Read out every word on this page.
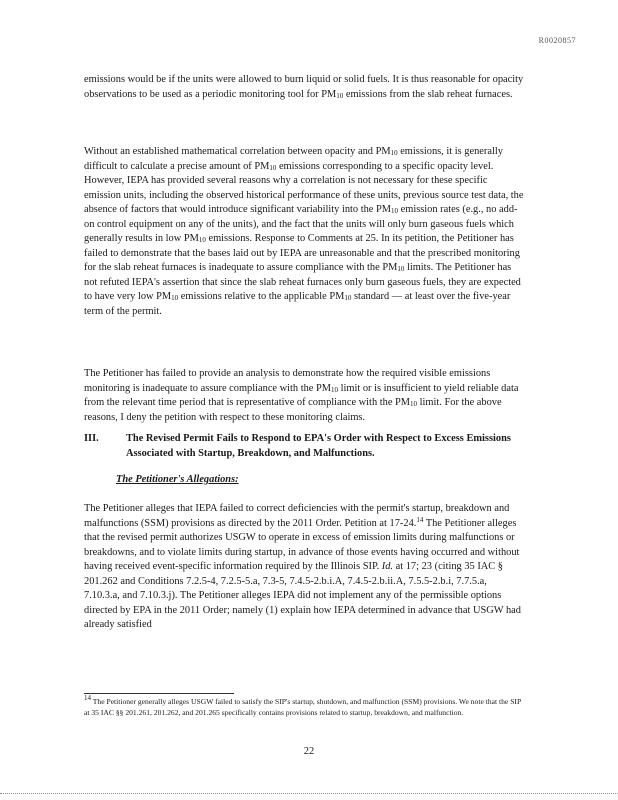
R0020857

emissions would be if the units were allowed to burn liquid or solid fuels. It is thus reasonable for opacity observations to be used as a periodic monitoring tool for $PM_{10}$ emissions from the slab reheat furnaces.

Without an established mathematical correlation between opacity and $PM_{10}$ emissions, it is generally difficult to calculate a precise amount of $PM_{10}$ emissions corresponding to a specific opacity level. However, IEPA has provided several reasons why a correlation is not necessary for these specific emission units, including the observed historical performance of these units, previous source test data, the absence of factors that would introduce significant variability into the $PM_{10}$ emission rates (e.g., no add-on control equipment on any of the units), and the fact that the units will only burn gaseous fuels which generally results in low $PM_{10}$ emissions. Response to Comments at 25. In its petition, the Petitioner has failed to demonstrate that the bases laid out by IEPA are unreasonable and that the prescribed monitoring for the slab reheat furnaces is inadequate to assure compliance with the $PM_{10}$ limits. The Petitioner has not refuted IEPA's assertion that since the slab reheat furnaces only burn gaseous fuels, they are expected to have very low $PM_{10}$ emissions relative to the applicable $PM_{10}$ standard — at least over the five-year term of the permit.

The Petitioner has failed to provide an analysis to demonstrate how the required visible emissions monitoring is inadequate to assure compliance with the $PM_{10}$ limit or is insufficient to yield reliable data from the relevant time period that is representative of compliance with the $PM_{10}$ limit. For the above reasons, I deny the petition with respect to these monitoring claims.

III.	The Revised Permit Fails to Respond to EPA's Order with Respect to Excess Emissions Associated with Startup, Breakdown, and Malfunctions.
The Petitioner's Allegations:

The Petitioner alleges that IEPA failed to correct deficiencies with the permit's startup, breakdown and malfunctions (SSM) provisions as directed by the 2011 Order. Petition at 17-24.14 The Petitioner alleges that the revised permit authorizes USGW to operate in excess of emission limits during malfunctions or breakdowns, and to violate limits during startup, in advance of those events having occurred and without having received event-specific information required by the Illinois SIP. Id. at 17; 23 (citing 35 IAC § 201.262 and Conditions 7.2.5-4, 7.2.5-5.a, 7.3-5, 7.4.5-2.b.i.A, 7.4.5-2.b.ii.A, 7.5.5-2.b.i, 7.7.5.a, 7.10.3.a, and 7.10.3.j). The Petitioner alleges IEPA did not implement any of the permissible options directed by EPA in the 2011 Order; namely (1) explain how IEPA determined in advance that USGW had already satisfied

$^{14}$ The Petitioner generally alleges USGW failed to satisfy the SIP's startup, shutdown, and malfunction (SSM) provisions. We note that the SIP at 35 IAC §§ 201.261, 201.262, and 201.265 specifically contains provisions related to startup, breakdown, and malfunction.

22
